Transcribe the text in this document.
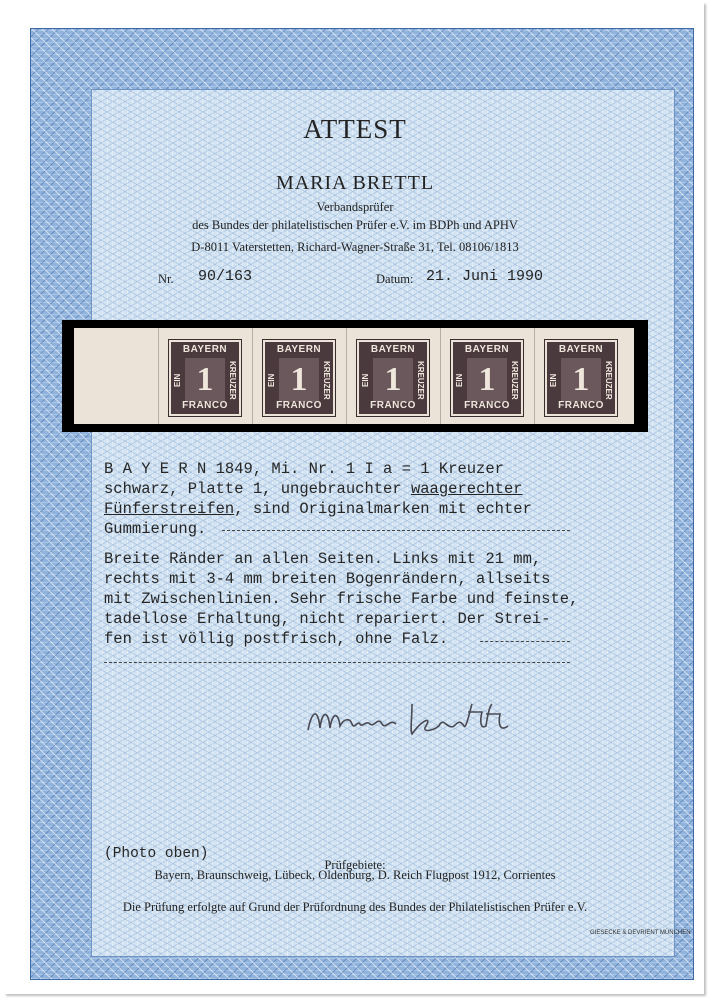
ATTEST
MARIA BRETTL
Verbandsprüfer
des Bundes der philatelistischen Prüfer e.V. im BDPh und APHV
D-8011 Vaterstetten, Richard-Wagner-Straße 31, Tel. 08106/1813
Nr. 90/163	Datum: 21. Juni 1990
BAYERN
EIN 1	KREUZER
FRANCO
BAYERN
EIN 1	KREUZER
FRANCO
BAYERN
EIN 1	KREUZER
FRANCO
BAYERN
EIN 1	KREUZER
FRANCO
BAYERN
EIN 1	KREUZER
FRANCO
B A Y E R N 1849, Mi. Nr. 1 I a = 1 Kreuzer
schwarz, Platte 1, ungebrauchter waagerechter
Fünferstreifen, sind Originalmarken mit echter
Gummierung.
Breite Ränder an allen Seiten. Links mit 21 mm,
rechts mit 3-4 mm breiten Bogenrändern, allseits
mit Zwischenlinien. Sehr frische Farbe und feinste,
tadellose Erhaltung, nicht repariert. Der Strei-
fen ist völlig postfrisch, ohne Falz.
(Photo oben)
Prüfgebiete:
Bayern, Braunschweig, Lübeck, Oldenburg, D. Reich Flugpost 1912, Corrientes
Die Prüfung erfolgte auf Grund der Prüfordnung des Bundes der Philatelistischen Prüfer e.V.
GIESECKE & DEVRIENT MÜNCHEN
